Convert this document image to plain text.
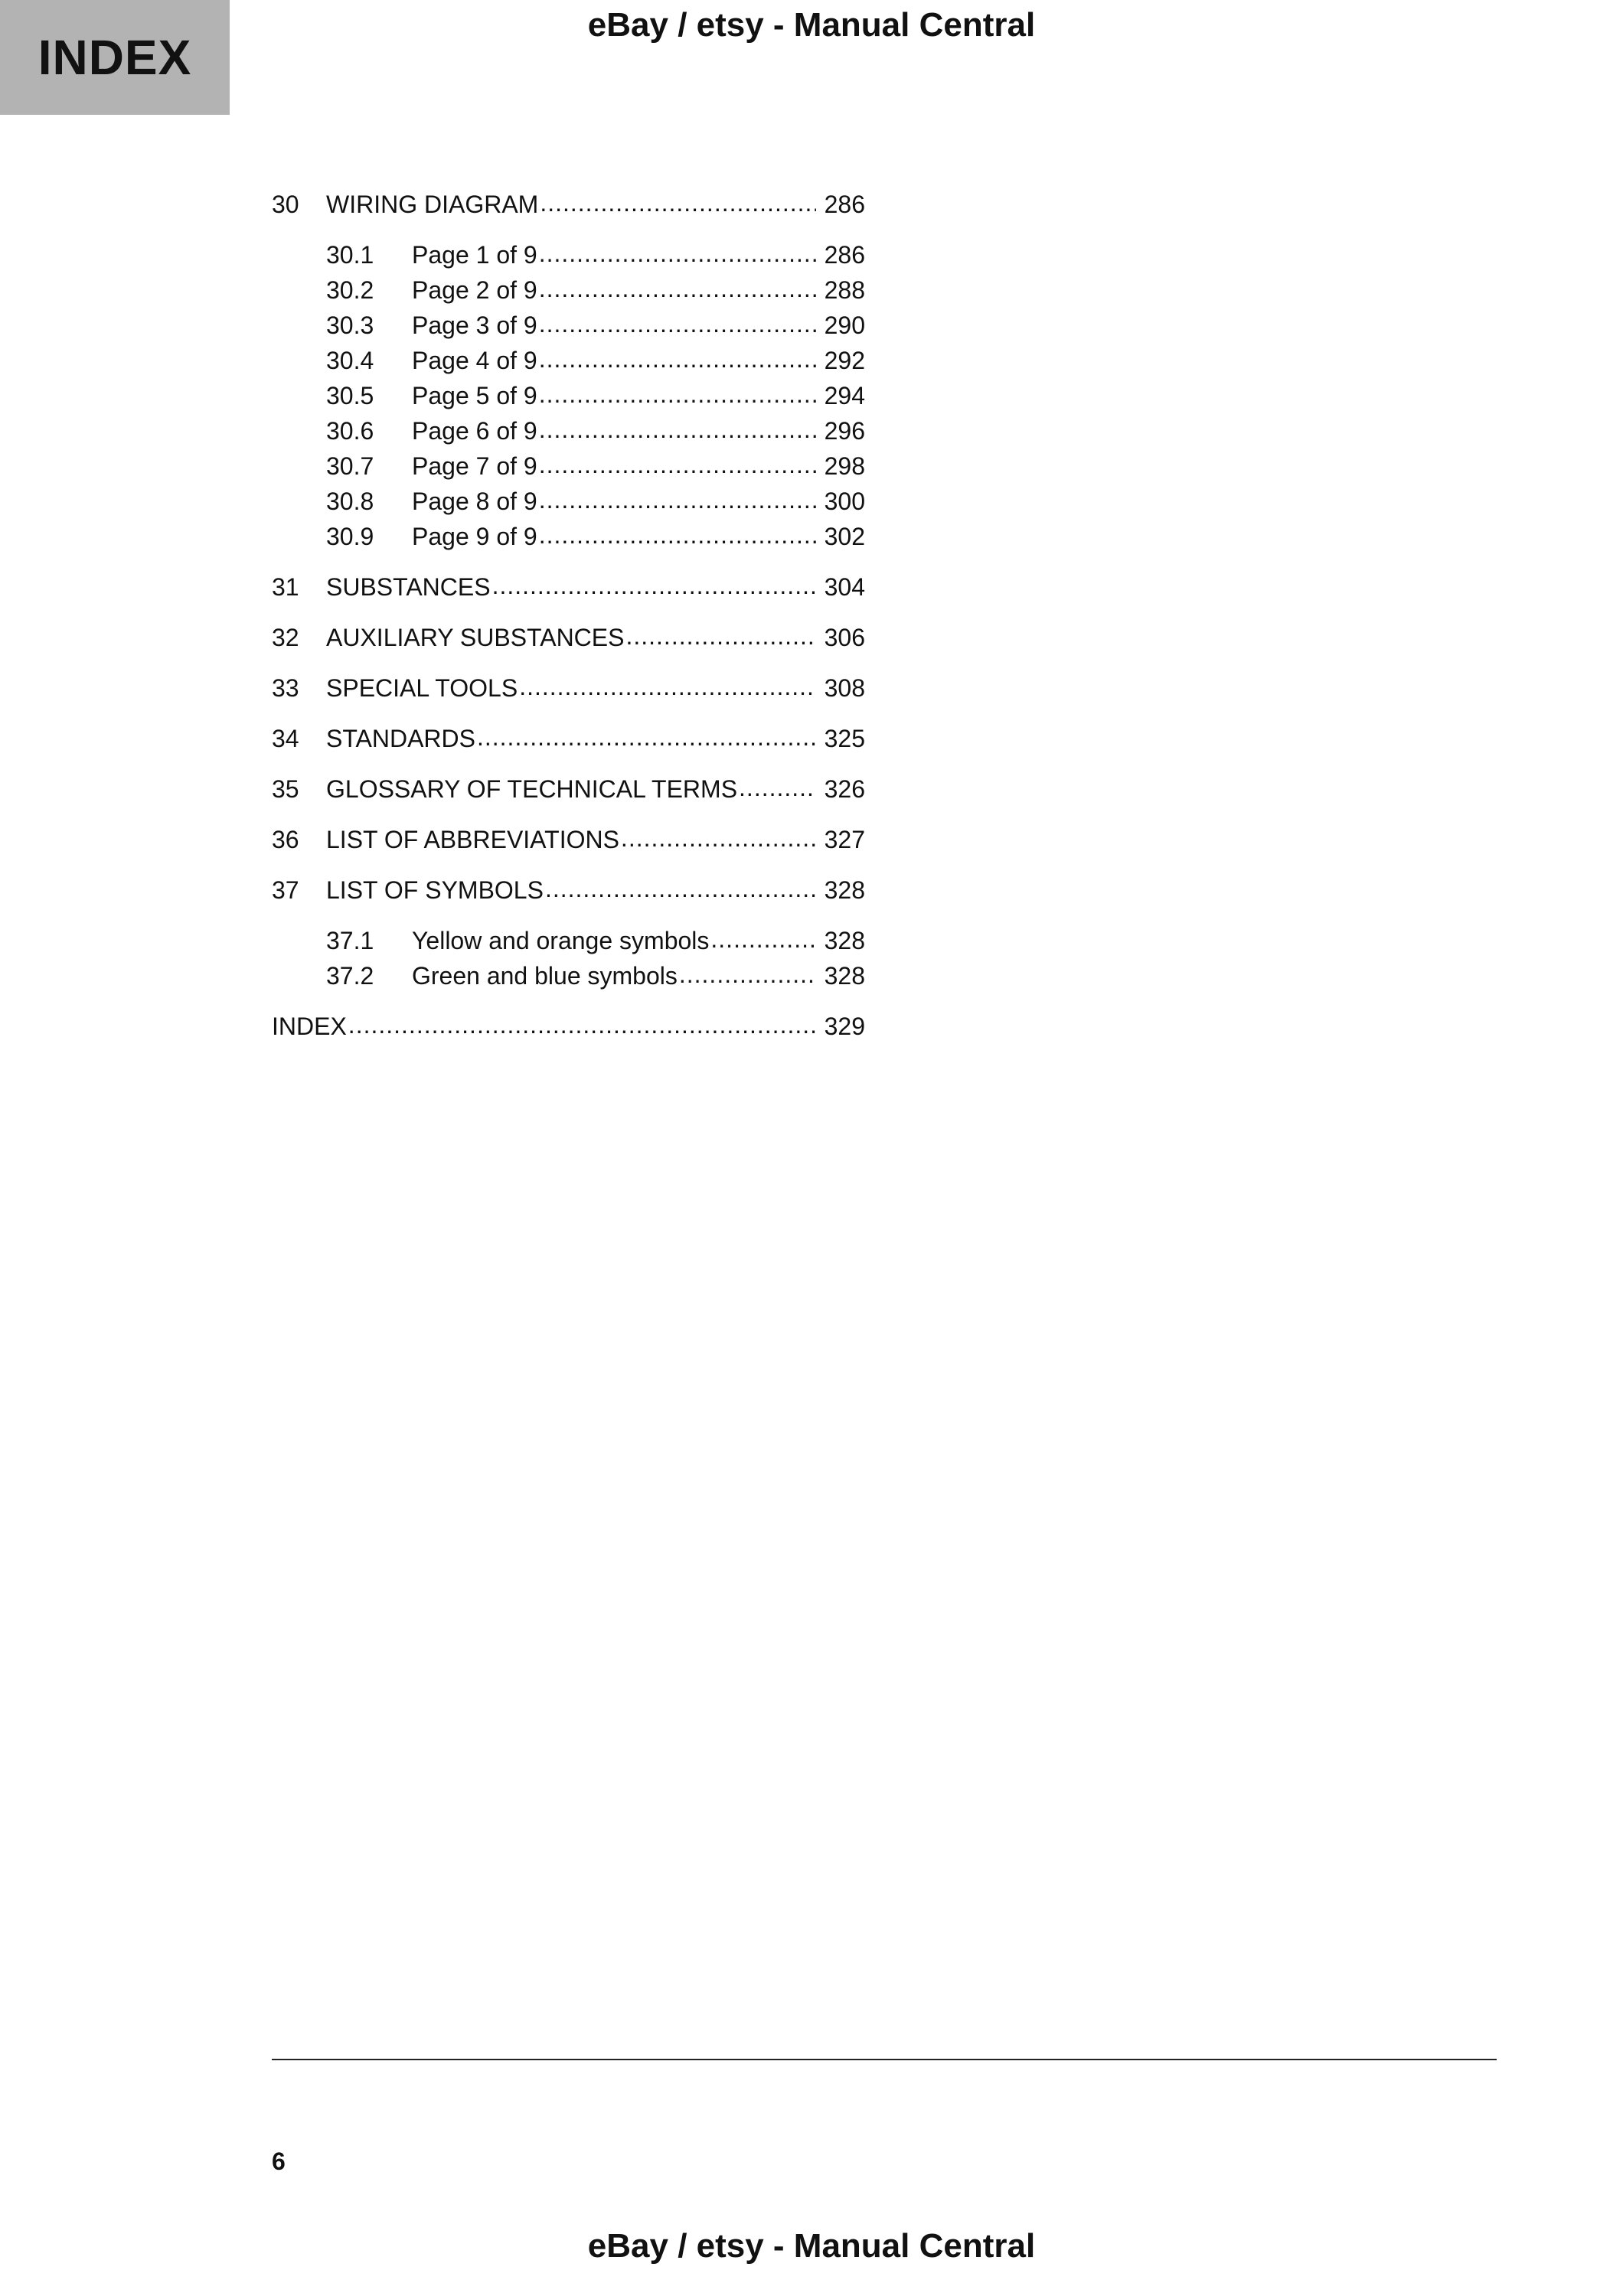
INDEX
eBay / etsy - Manual Central
30	WIRING DIAGRAM .....	286
30.1	Page 1 of 9 .....	286
30.2	Page 2 of 9 .....	288
30.3	Page 3 of 9 .....	290
30.4	Page 4 of 9 .....	292
30.5	Page 5 of 9 .....	294
30.6	Page 6 of 9 .....	296
30.7	Page 7 of 9 .....	298
30.8	Page 8 of 9 .....	300
30.9	Page 9 of 9 .....	302
31	SUBSTANCES .....	304
32	AUXILIARY SUBSTANCES .....	306
33	SPECIAL TOOLS .....	308
34	STANDARDS .....	325
35	GLOSSARY OF TECHNICAL TERMS .....	326
36	LIST OF ABBREVIATIONS .....	327
37	LIST OF SYMBOLS .....	328
37.1	Yellow and orange symbols .....	328
37.2	Green and blue symbols .....	328
INDEX .....	329
6
eBay / etsy - Manual Central
